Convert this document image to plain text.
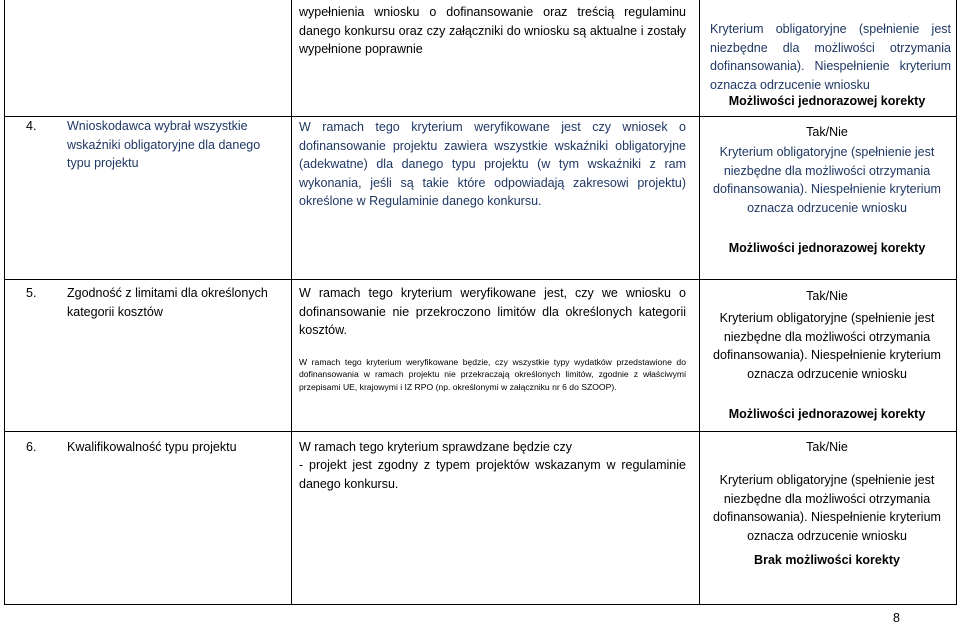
wypełnienia wniosku o dofinansowanie oraz treścią regulaminu danego konkursu oraz czy załączniki do wniosku są aktualne i zostały wypełnione poprawnie

Kryterium obligatoryjne (spełnienie jest niezbędne dla możliwości otrzymania dofinansowania). Niespełnienie kryterium oznacza odrzucenie wniosku

Możliwości jednorazowej korekty

4. Wnioskodawca wybrał wszystkie wskaźniki obligatoryjne dla danego typu projektu

W ramach tego kryterium weryfikowane jest czy wniosek o dofinansowanie projektu zawiera wszystkie wskaźniki obligatoryjne (adekwatne) dla danego typu projektu (w tym wskaźniki z ram wykonania, jeśli są takie które odpowiadają zakresowi projektu) określone w Regulaminie danego konkursu.

Tak/Nie

Kryterium obligatoryjne (spełnienie jest niezbędne dla możliwości otrzymania dofinansowania). Niespełnienie kryterium oznacza odrzucenie wniosku

Możliwości jednorazowej korekty

5. Zgodność z limitami dla określonych kategorii kosztów

W ramach tego kryterium weryfikowane jest, czy we wniosku o dofinansowanie nie przekroczono limitów dla określonych kategorii kosztów.

W ramach tego kryterium weryfikowane będzie, czy wszystkie typy wydatków przedstawione do dofinansowania w ramach projektu nie przekraczają określonych limitów, zgodnie z właściwymi przepisami UE, krajowymi i IZ RPO (np. określonymi w załączniku nr 6 do SZOOP).

Tak/Nie

Kryterium obligatoryjne (spełnienie jest niezbędne dla możliwości otrzymania dofinansowania). Niespełnienie kryterium oznacza odrzucenie wniosku

Możliwości jednorazowej korekty

6. Kwalifikowalność typu projektu	W ramach tego kryterium sprawdzane będzie czy

- projekt jest zgodny z typem projektów wskazanym w regulaminie danego konkursu.

Tak/Nie

Kryterium obligatoryjne (spełnienie jest niezbędne dla możliwości otrzymania dofinansowania). Niespełnienie kryterium oznacza odrzucenie wniosku

Brak możliwości korekty

8
